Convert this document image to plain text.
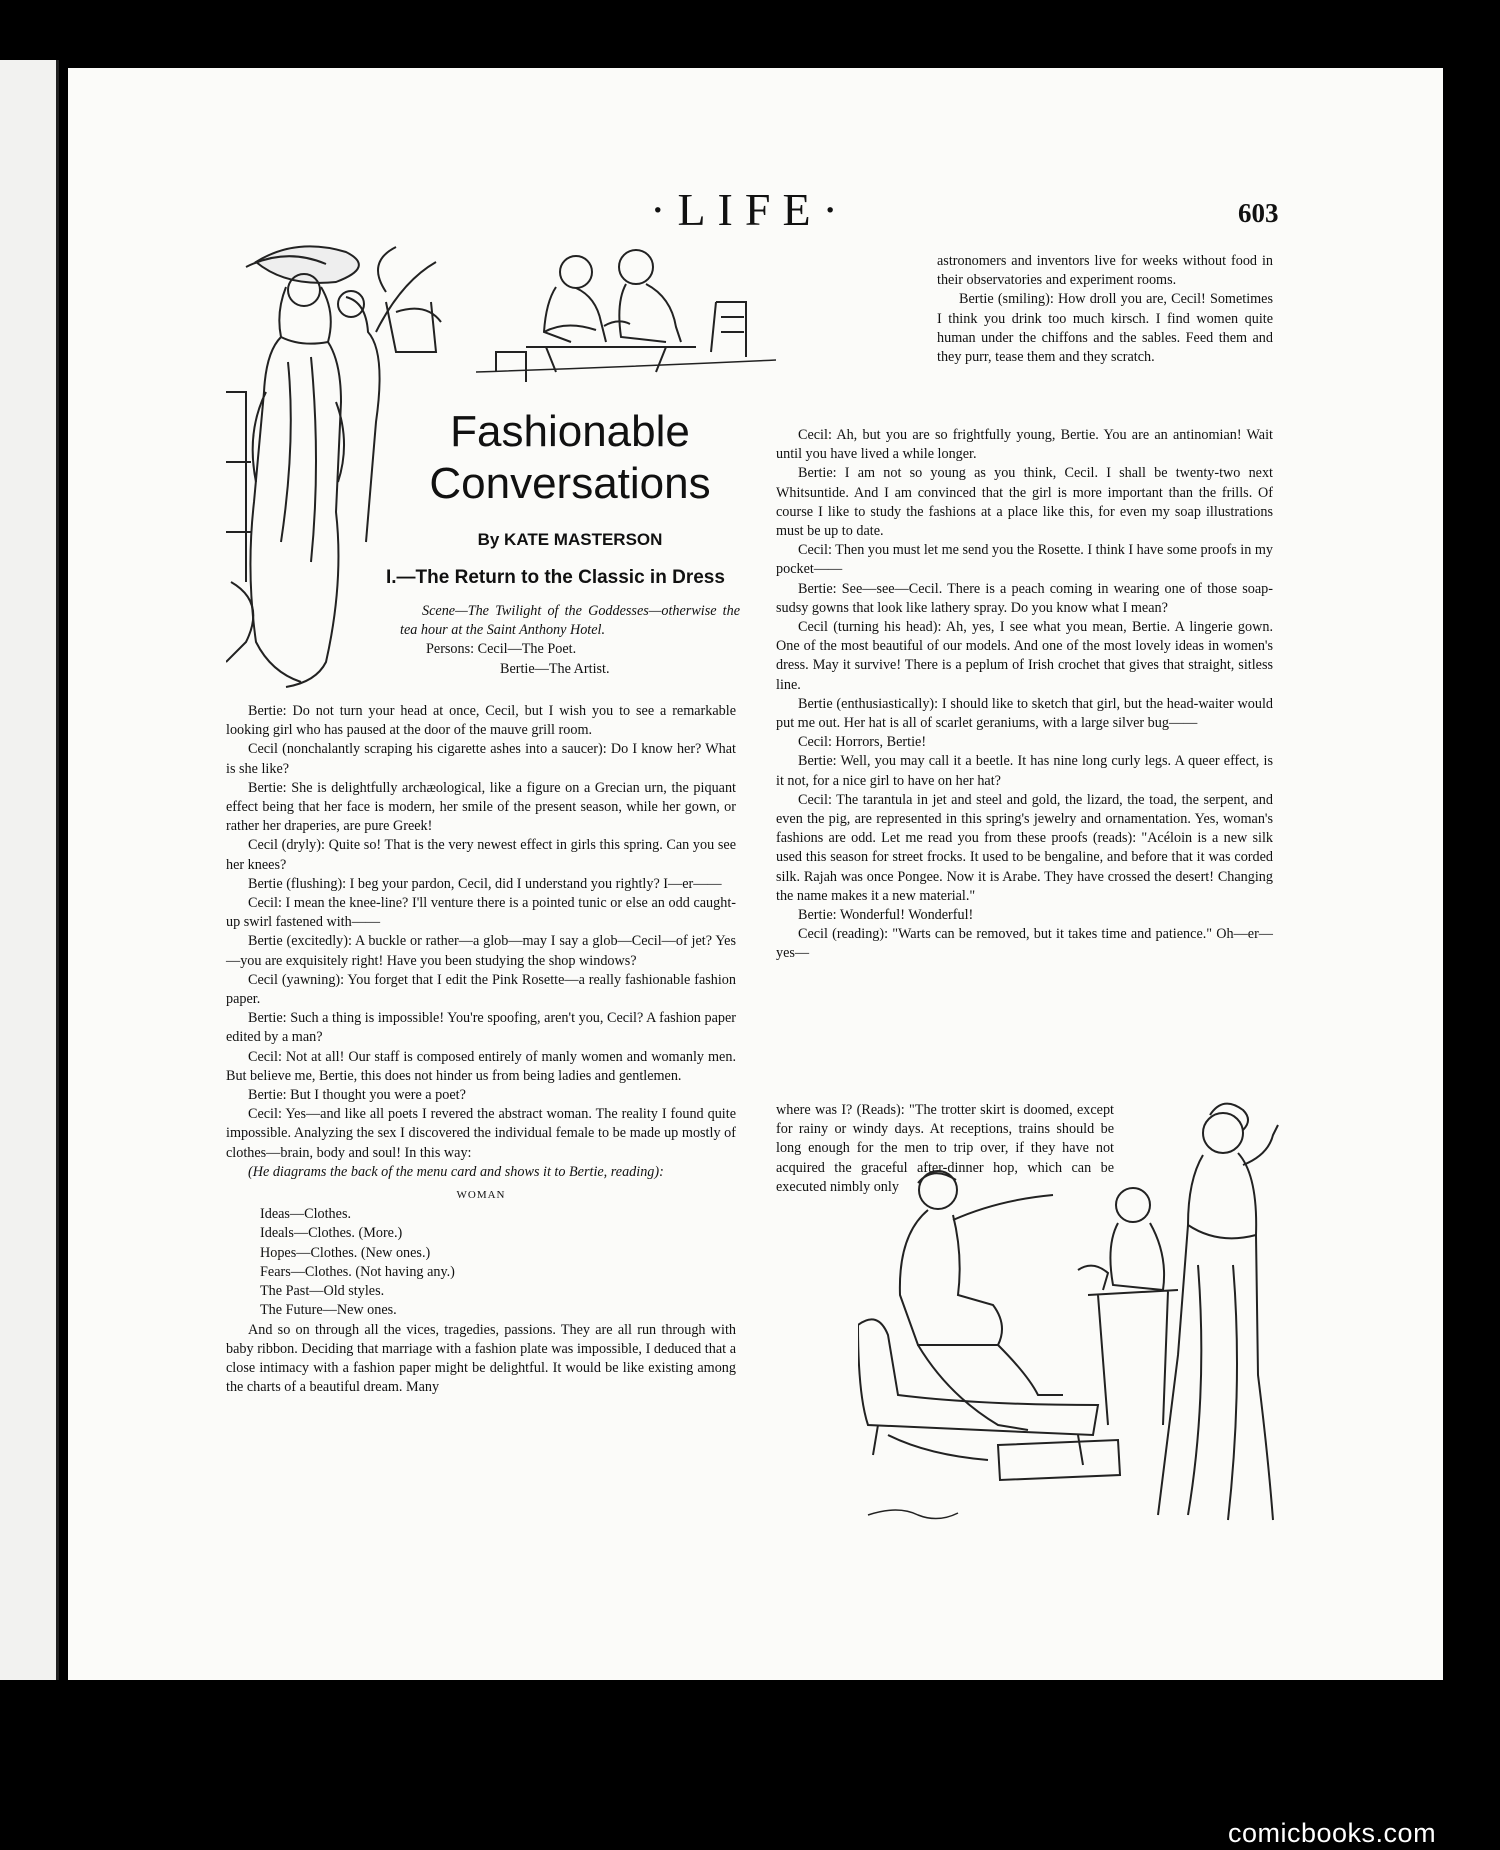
·LIFE·	603
Fashionable
Conversations
By KATE MASTERSON
I.—The Return to the Classic in Dress

Scene—The Twilight of the Goddesses—otherwise the tea hour at the Saint Anthony Hotel.

Persons: Cecil—The Poet.

Bertie—The Artist.

Bertie: Do not turn your head at once, Cecil, but I wish you to see a remarkable looking girl who has paused at the door of the mauve grill room.

Cecil (nonchalantly scraping his cigarette ashes into a saucer): Do I know her? What is she like?

Bertie: She is delightfully archæological, like a figure on a Grecian urn, the piquant effect being that her face is modern, her smile of the present season, while her gown, or rather her draperies, are pure Greek!

Cecil (dryly): Quite so! That is the very newest effect in girls this spring. Can you see her knees?

Bertie (flushing): I beg your pardon, Cecil, did I understand you rightly? I—er——

Cecil: I mean the knee-line? I'll venture there is a pointed tunic or else an odd caught-up swirl fastened with——

Bertie (excitedly): A buckle or rather—a glob—may I say a glob—Cecil—of jet? Yes—you are exquisitely right! Have you been studying the shop windows?

Cecil (yawning): You forget that I edit the Pink Rosette—a really fashionable fashion paper.

Bertie: Such a thing is impossible! You're spoofing, aren't you, Cecil? A fashion paper edited by a man?

Cecil: Not at all! Our staff is composed entirely of manly women and womanly men. But believe me, Bertie, this does not hinder us from being ladies and gentlemen.

Bertie: But I thought you were a poet?

Cecil: Yes—and like all poets I revered the abstract woman. The reality I found quite impossible. Analyzing the sex I discovered the individual female to be made up mostly of clothes—brain, body and soul! In this way:

(He diagrams the back of the menu card and shows it to Bertie, reading):

WOMAN

Ideas—Clothes.

Ideals—Clothes. (More.)

Hopes—Clothes. (New ones.)

Fears—Clothes. (Not having any.)

The Past—Old styles.

The Future—New ones.

And so on through all the vices, tragedies, passions. They are all run through with baby ribbon. Deciding that marriage with a fashion plate was impossible, I deduced that a close intimacy with a fashion paper might be delightful. It would be like existing among the charts of a beautiful dream. Many

astronomers and inventors live for weeks without food in their observatories and experiment rooms.

Bertie (smiling): How droll you are, Cecil! Sometimes I think you drink too much kirsch. I find women quite human under the chiffons and the sables. Feed them and they purr, tease them and they scratch.

Cecil: Ah, but you are so frightfully young, Bertie. You are an antinomian! Wait until you have lived a while longer.

Bertie: I am not so young as you think, Cecil. I shall be twenty-two next Whitsuntide. And I am convinced that the girl is more important than the frills. Of course I like to study the fashions at a place like this, for even my soap illustrations must be up to date.

Cecil: Then you must let me send you the Rosette. I think I have some proofs in my pocket——

Bertie: See—see—Cecil. There is a peach coming in wearing one of those soap-sudsy gowns that look like lathery spray. Do you know what I mean?

Cecil (turning his head): Ah, yes, I see what you mean, Bertie. A lingerie gown. One of the most beautiful of our models. And one of the most lovely ideas in women's dress. May it survive! There is a peplum of Irish crochet that gives that straight, sitless line.

Bertie (enthusiastically): I should like to sketch that girl, but the head-waiter would put me out. Her hat is all of scarlet geraniums, with a large silver bug——

Cecil: Horrors, Bertie!

Bertie: Well, you may call it a beetle. It has nine long curly legs. A queer effect, is it not, for a nice girl to have on her hat?

Cecil: The tarantula in jet and steel and gold, the lizard, the toad, the serpent, and even the pig, are represented in this spring's jewelry and ornamentation. Yes, woman's fashions are odd. Let me read you from these proofs (reads): "Acéloin is a new silk used this season for street frocks. It used to be bengaline, and before that it was corded silk. Rajah was once Pongee. Now it is Arabe. They have crossed the desert! Changing the name makes it a new material."

Bertie: Wonderful! Wonderful!

Cecil (reading): "Warts can be removed, but it takes time and patience." Oh—er—yes—

where was I? (Reads): "The trotter skirt is doomed, except for rainy or windy days. At receptions, trains should be long enough for the men to trip over, if they have not acquired the graceful after-dinner hop, which can be executed nimbly only

comicbooks.com
